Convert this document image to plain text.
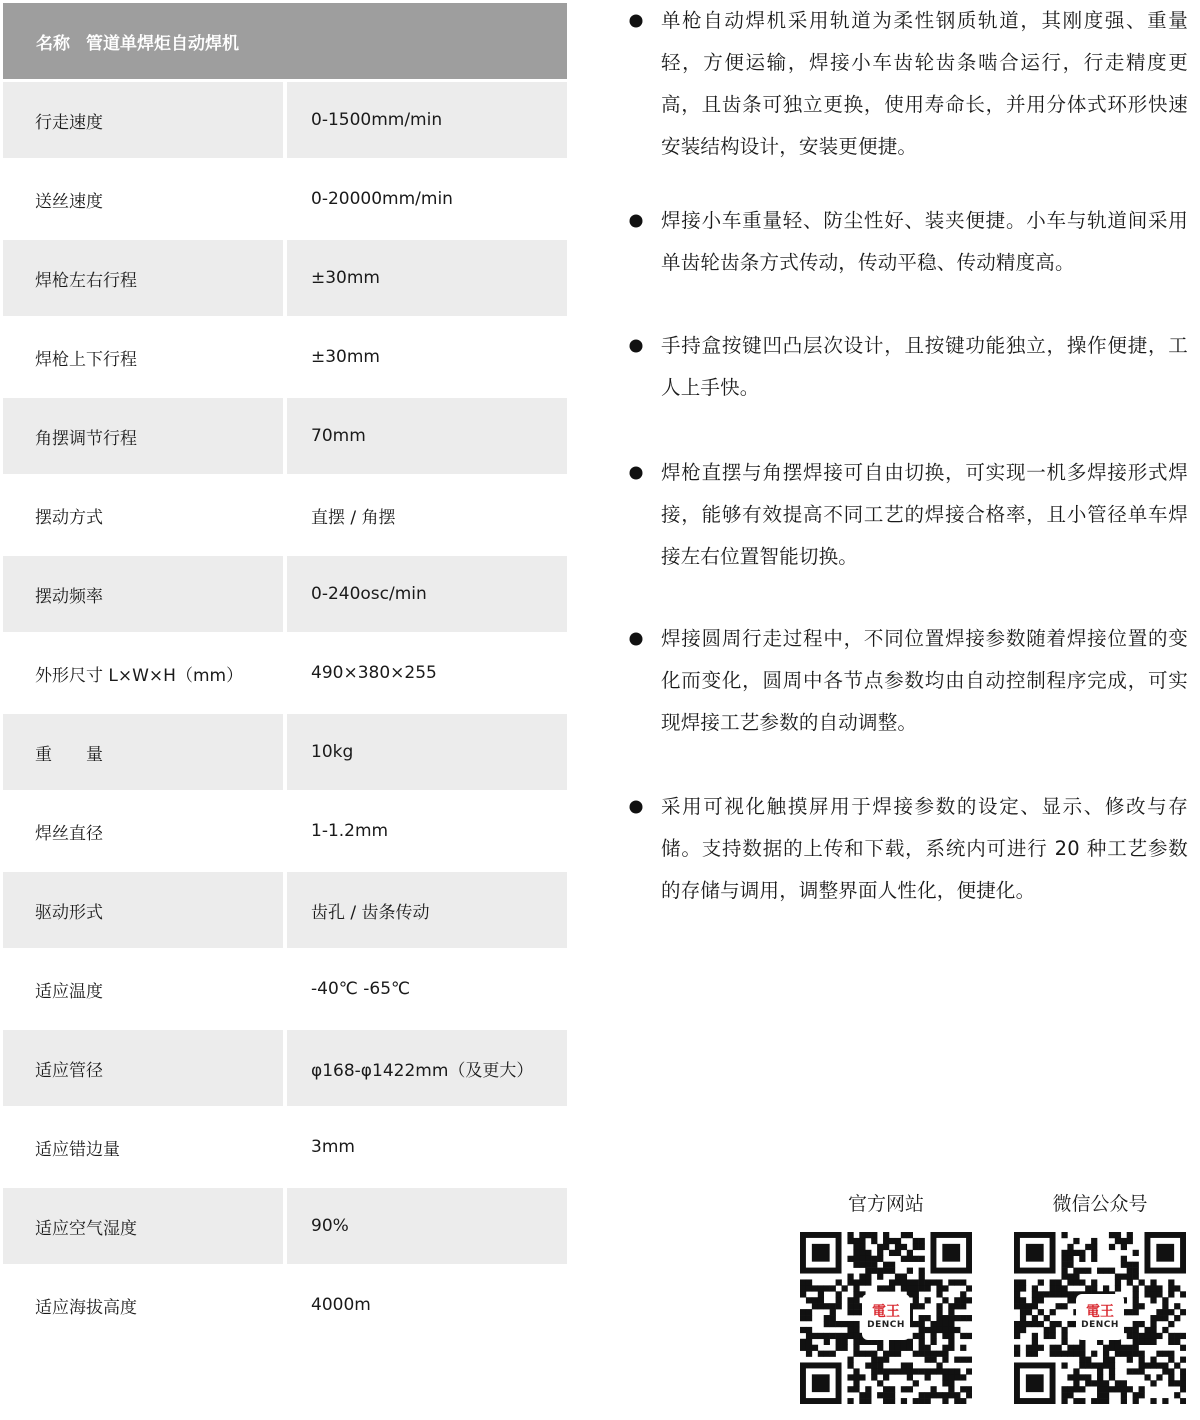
名称 管道单焊炬自动焊机
行走速度	0-1500mm/min
送丝速度	0-20000mm/min
焊枪左右行程	±30mm
焊枪上下行程	±30mm
角摆调节行程	70mm
摆动方式	直摆 / 角摆
摆动频率	0-240osc/min
外形尺寸 L×W×H（mm）	490×380×255
重　　量	10kg
焊丝直径	1-1.2mm
驱动形式	齿孔 / 齿条传动
适应温度	-40℃ -65℃
适应管径	φ168-φ1422mm（及更大）
适应错边量	3mm
适应空气湿度	90%
适应海拔高度	4000m
单枪自动焊机采用轨道为柔性钢质轨道，其刚度强、重量轻，方便运输，焊接小车齿轮齿条啮合运行，行走精度更高，且齿条可独立更换，使用寿命长，并用分体式环形快速安装结构设计，安装更便捷。
焊接小车重量轻、防尘性好、装夹便捷。小车与轨道间采用单齿轮齿条方式传动，传动平稳、传动精度高。
手持盒按键凹凸层次设计，且按键功能独立，操作便捷，工人上手快。
焊枪直摆与角摆焊接可自由切换，可实现一机多焊接形式焊接，能够有效提高不同工艺的焊接合格率，且小管径单车焊接左右位置智能切换。
焊接圆周行走过程中，不同位置焊接参数随着焊接位置的变化而变化，圆周中各节点参数均由自动控制程序完成，可实现焊接工艺参数的自动调整。
采用可视化触摸屏用于焊接参数的设定、显示、修改与存储。支持数据的上传和下载，系统内可进行 20 种工艺参数的存储与调用，调整界面人性化，便捷化。
官方网站
電王
DENCH
微信公众号
電王
DENCH
